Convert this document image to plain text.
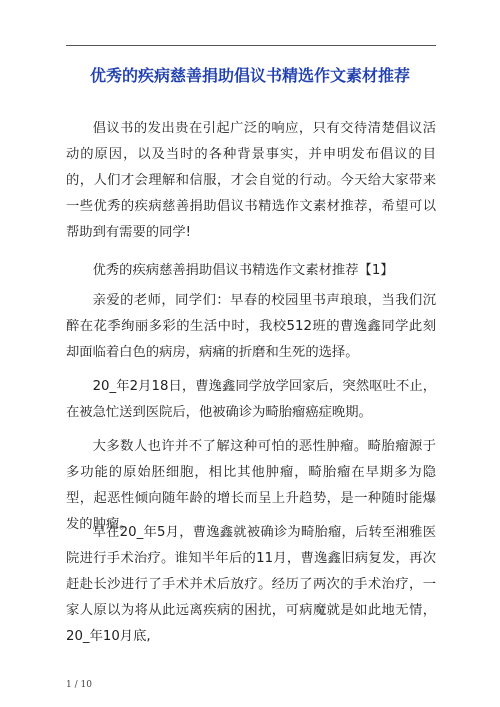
优秀的疾病慈善捐助倡议书精选作文素材推荐

倡议书的发出贵在引起广泛的响应，只有交待清楚倡议活动的原因，以及当时的各种背景事实，并申明发布倡议的目的，人们才会理解和信服，才会自觉的行动。今天给大家带来一些优秀的疾病慈善捐助倡议书精选作文素材推荐，希望可以帮助到有需要的同学!

优秀的疾病慈善捐助倡议书精选作文素材推荐【1】

亲爱的老师，同学们：早春的校园里书声琅琅，当我们沉醉在花季绚丽多彩的生活中时，我校512班的曹逸鑫同学此刻却面临着白色的病房，病痛的折磨和生死的选择。

20_年2月18日，曹逸鑫同学放学回家后，突然呕吐不止，在被急忙送到医院后，他被确诊为畸胎瘤癌症晚期。

大多数人也许并不了解这种可怕的恶性肿瘤。畸胎瘤源于多功能的原始胚细胞，相比其他肿瘤，畸胎瘤在早期多为隐型，起恶性倾向随年龄的增长而呈上升趋势，是一种随时能爆发的肿瘤。

早在20_年5月，曹逸鑫就被确诊为畸胎瘤，后转至湘雅医院进行手术治疗。谁知半年后的11月，曹逸鑫旧病复发，再次赶赴长沙进行了手术并术后放疗。经历了两次的手术治疗，一家人原以为将从此远离疾病的困扰，可病魔就是如此地无情，20_年10月底,

1 / 10
